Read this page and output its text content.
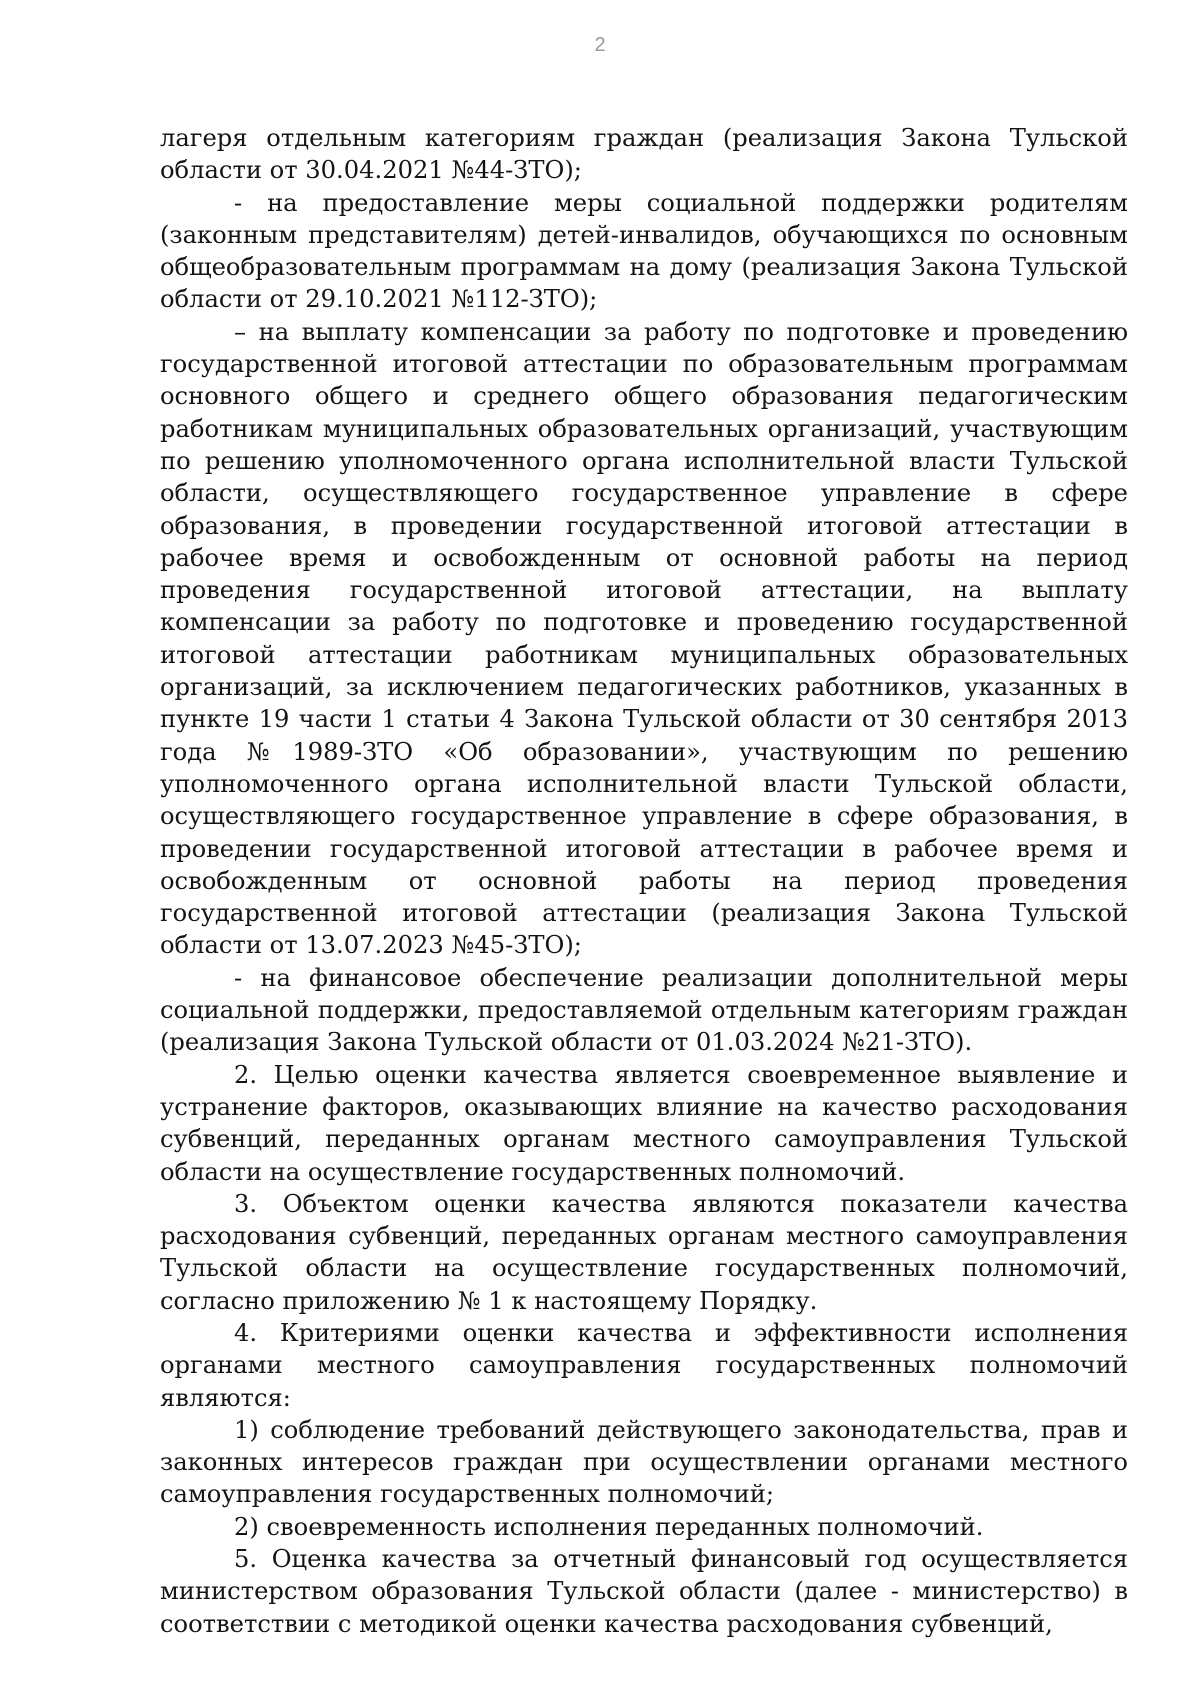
2

лагеря отдельным категориям граждан (реализация Закона Тульской области от 30.04.2021 №44-ЗТО);

- на предоставление меры социальной поддержки родителям (законным представителям) детей-инвалидов, обучающихся по основным общеобразовательным программам на дому (реализация Закона Тульской области от 29.10.2021 №112-ЗТО);

– на выплату компенсации за работу по подготовке и проведению государственной итоговой аттестации по образовательным программам основного общего и среднего общего образования педагогическим работникам муниципальных образовательных организаций, участвующим по решению уполномоченного органа исполнительной власти Тульской области, осуществляющего государственное управление в сфере образования, в проведении государственной итоговой аттестации в рабочее время и освобожденным от основной работы на период проведения государственной итоговой аттестации, на выплату компенсации за работу по подготовке и проведению государственной итоговой аттестации работникам муниципальных образовательных организаций, за исключением педагогических работников, указанных в пункте 19 части 1 статьи 4 Закона Тульской области от 30 сентября 2013 года №1989-ЗТО «Об образовании», участвующим по решению уполномоченного органа исполнительной власти Тульской области, осуществляющего государственное управление в сфере образования, в проведении государственной итоговой аттестации в рабочее время и освобожденным от основной работы на период проведения государственной итоговой аттестации (реализация Закона Тульской области от 13.07.2023 №45-ЗТО);

- на финансовое обеспечение реализации дополнительной меры социальной поддержки, предоставляемой отдельным категориям граждан (реализация Закона Тульской области от 01.03.2024 №21-ЗТО).

2. Целью оценки качества является своевременное выявление и устранение факторов, оказывающих влияние на качество расходования субвенций, переданных органам местного самоуправления Тульской области на осуществление государственных полномочий.

3. Объектом оценки качества являются показатели качества расходования субвенций, переданных органам местного самоуправления Тульской области на осуществление государственных полномочий, согласно приложению № 1 к настоящему Порядку.

4. Критериями оценки качества и эффективности исполнения органами местного самоуправления государственных полномочий являются:

1) соблюдение требований действующего законодательства, прав и законных интересов граждан при осуществлении органами местного самоуправления государственных полномочий;

2) своевременность исполнения переданных полномочий.

5. Оценка качества за отчетный финансовый год осуществляется министерством образования Тульской области (далее - министерство) в соответствии с методикой оценки качества расходования субвенций,
